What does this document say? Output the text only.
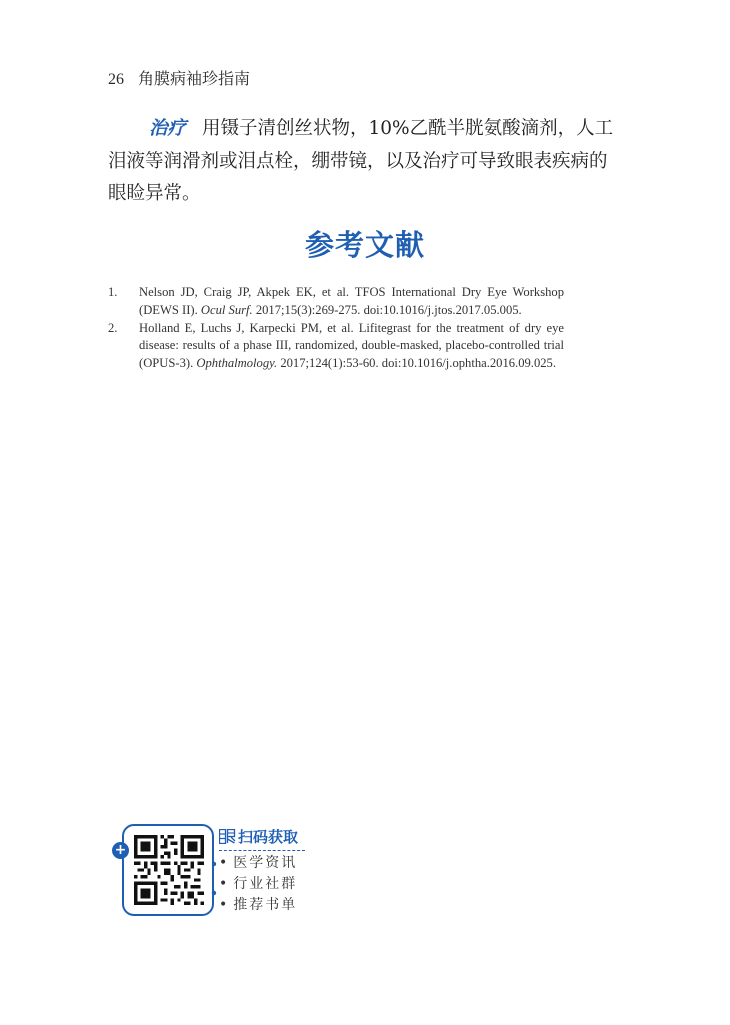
26 角膜病袖珍指南
治疗 用镊子清创丝状物，10%乙酰半胱氨酸滴剂，人工泪液等润滑剂或泪点栓，绷带镜，以及治疗可导致眼表疾病的眼睑异常。
参考文献
1. Nelson JD, Craig JP, Akpek EK, et al. TFOS International Dry Eye Workshop (DEWS II). Ocul Surf. 2017;15(3):269-275. doi:10.1016/j.jtos.2017.05.005.
2. Holland E, Luchs J, Karpecki PM, et al. Lifitegrast for the treatment of dry eye disease: results of a phase III, randomized, double-masked, placebo-controlled trial (OPUS-3). Ophthalmology. 2017;124(1):53-60. doi:10.1016/j.ophtha.2016.09.025.
+
扫码获取
• 医学资讯
• 行业社群
• 推荐书单
